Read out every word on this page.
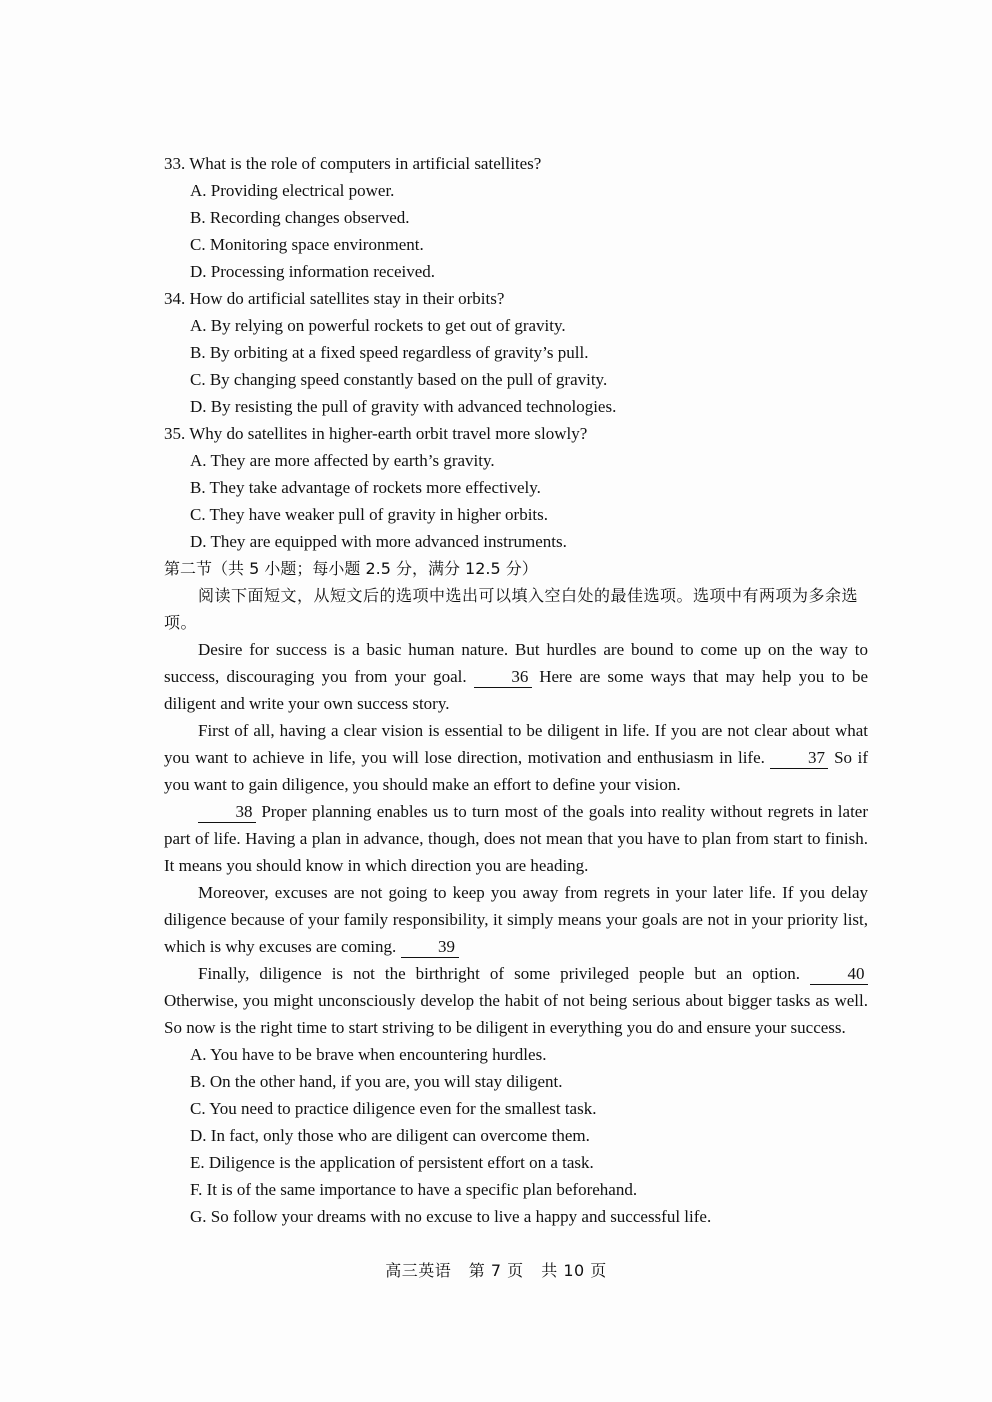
33. What is the role of computers in artificial satellites?
A. Providing electrical power.
B. Recording changes observed.
C. Monitoring space environment.
D. Processing information received.
34. How do artificial satellites stay in their orbits?
A. By relying on powerful rockets to get out of gravity.
B. By orbiting at a fixed speed regardless of gravity’s pull.
C. By changing speed constantly based on the pull of gravity.
D. By resisting the pull of gravity with advanced technologies.
35. Why do satellites in higher-earth orbit travel more slowly?
A. They are more affected by earth’s gravity.
B. They take advantage of rockets more effectively.
C. They have weaker pull of gravity in higher orbits.
D. They are equipped with more advanced instruments.
第二节（共 5 小题；每小题 2.5 分，满分 12.5 分）
阅读下面短文，从短文后的选项中选出可以填入空白处的最佳选项。选项中有两项为多余选项。
Desire for success is a basic human nature. But hurdles are bound to come up on the way to success, discouraging you from your goal.	36 Here are some ways that may help you to be diligent and write your own success story.
First of all, having a clear vision is essential to be diligent in life. If you are not clear about what you want to achieve in life, you will lose direction, motivation and enthusiasm in life.	37 So if you want to gain diligence, you should make an effort to define your vision.
38 Proper planning enables us to turn most of the goals into reality without regrets in later part of life. Having a plan in advance, though, does not mean that you have to plan from start to finish. It means you should know in which direction you are heading.
Moreover, excuses are not going to keep you away from regrets in your later life. If you delay diligence because of your family responsibility, it simply means your goals are not in your priority list, which is why excuses are coming. 39
Finally, diligence is not the birthright of some privileged people but an option.	40 Otherwise, you might unconsciously develop the habit of not being serious about bigger tasks as well. So now is the right time to start striving to be diligent in everything you do and ensure your success.
A. You have to be brave when encountering hurdles.
B. On the other hand, if you are, you will stay diligent.
C. You need to practice diligence even for the smallest task.
D. In fact, only those who are diligent can overcome them.
E. Diligence is the application of persistent effort on a task.
F. It is of the same importance to have a specific plan beforehand.
G. So follow your dreams with no excuse to live a happy and successful life.
高三英语 第 7 页 共 10 页
